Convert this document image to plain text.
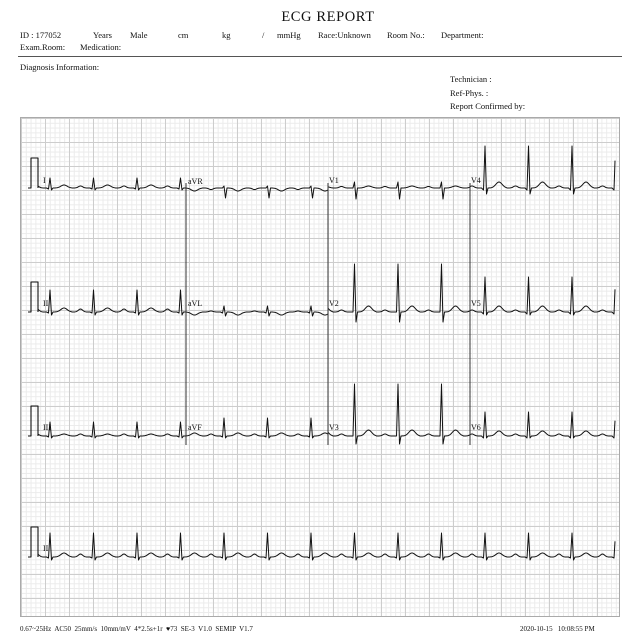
ECG REPORT
ID : 177052	Years Male	cm	kg	/ mmHg Race:Unknown Room No.: Department:
Exam.Room: Medication:
Diagnosis Information:
Technician :
Ref-Phys. :
Report Confirmed by:
I	aVR	V1	V4
II	aVL	V2	V5
III	aVF	V3	V6
II
0.67~25Hz  AC50  25mm/s  10mm/mV  4*2.5s+1r  ♥73  SE-3  V1.0  SEMIP  V1.7	2020-10-15   10:08:55 PM
